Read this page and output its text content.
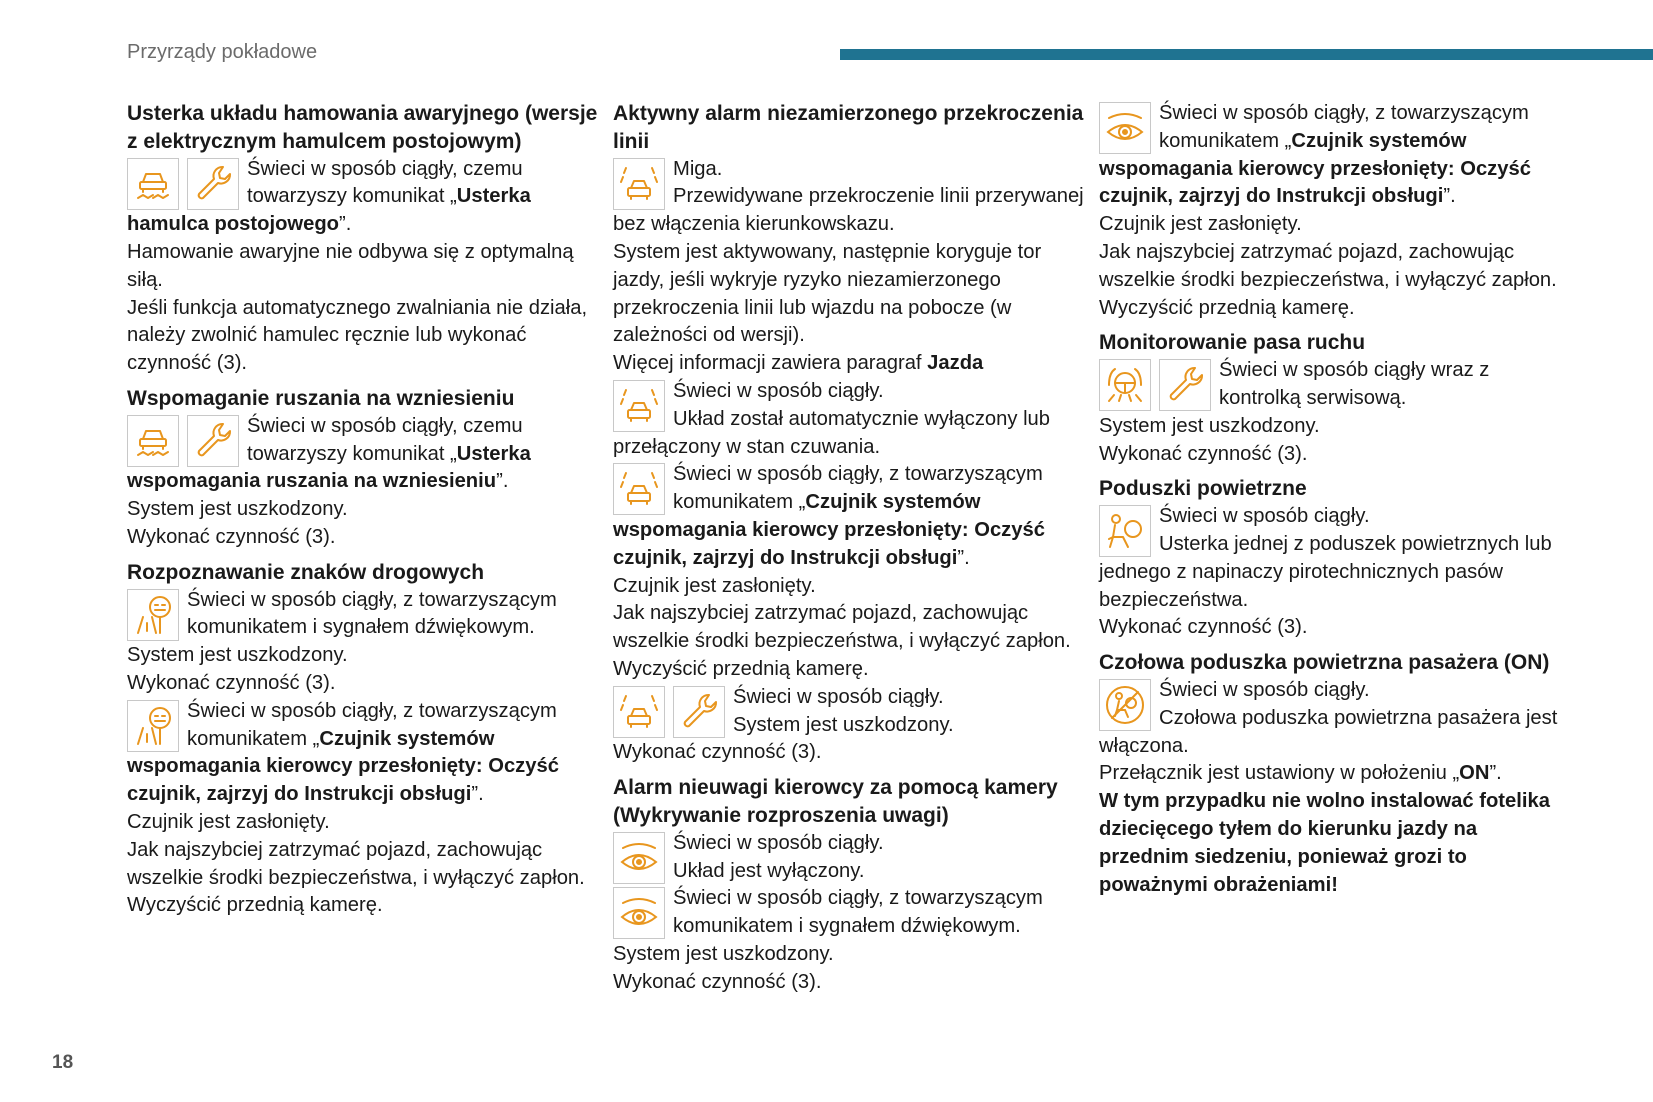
Przyrządy pokładowe
Usterka układu hamowania awaryjnego (wersje z elektrycznym hamulcem postojowym)

Świeci w sposób ciągły, czemu towarzyszy komunikat „Usterka hamulca postojowego”.

Hamowanie awaryjne nie odbywa się z optymalną siłą.

Jeśli funkcja automatycznego zwalniania nie działa, należy zwolnić hamulec ręcznie lub wykonać czynność (3).

Wspomaganie ruszania na wzniesieniu

Świeci w sposób ciągły, czemu towarzyszy komunikat „Usterka wspomagania ruszania na wzniesieniu”.

System jest uszkodzony.

Wykonać czynność (3).

Rozpoznawanie znaków drogowych

Świeci w sposób ciągły, z towarzyszącym komunikatem i sygnałem dźwiękowym.

System jest uszkodzony.

Wykonać czynność (3).

Świeci w sposób ciągły, z towarzyszącym komunikatem „Czujnik systemów wspomagania kierowcy przesłonięty: Oczyść czujnik, zajrzyj do Instrukcji obsługi”.

Czujnik jest zasłonięty.

Jak najszybciej zatrzymać pojazd, zachowując wszelkie środki bezpieczeństwa, i wyłączyć zapłon.

Wyczyścić przednią kamerę.

Aktywny alarm niezamierzonego przekroczenia linii

Miga.

Przewidywane przekroczenie linii przerywanej bez włączenia kierunkowskazu.

System jest aktywowany, następnie koryguje tor jazdy, jeśli wykryje ryzyko niezamierzonego przekroczenia linii lub wjazdu na pobocze (w zależności od wersji).

Więcej informacji zawiera paragraf Jazda

Świeci w sposób ciągły.

Układ został automatycznie wyłączony lub przełączony w stan czuwania.

Świeci w sposób ciągły, z towarzyszącym komunikatem „Czujnik systemów wspomagania kierowcy przesłonięty: Oczyść czujnik, zajrzyj do Instrukcji obsługi”.

Czujnik jest zasłonięty.

Jak najszybciej zatrzymać pojazd, zachowując wszelkie środki bezpieczeństwa, i wyłączyć zapłon.

Wyczyścić przednią kamerę.

Świeci w sposób ciągły.

System jest uszkodzony.

Wykonać czynność (3).

Alarm nieuwagi kierowcy za pomocą kamery (Wykrywanie rozproszenia uwagi)

Świeci w sposób ciągły.

Układ jest wyłączony.

Świeci w sposób ciągły, z towarzyszącym komunikatem i sygnałem dźwiękowym.

System jest uszkodzony.

Wykonać czynność (3).

Świeci w sposób ciągły, z towarzyszącym komunikatem „Czujnik systemów wspomagania kierowcy przesłonięty: Oczyść czujnik, zajrzyj do Instrukcji obsługi”.

Czujnik jest zasłonięty.

Jak najszybciej zatrzymać pojazd, zachowując wszelkie środki bezpieczeństwa, i wyłączyć zapłon.

Wyczyścić przednią kamerę.

Monitorowanie pasa ruchu

Świeci w sposób ciągły wraz z kontrolką serwisową.

System jest uszkodzony.

Wykonać czynność (3).

Poduszki powietrzne

Świeci w sposób ciągły.

Usterka jednej z poduszek powietrznych lub jednego z napinaczy pirotechnicznych pasów bezpieczeństwa.

Wykonać czynność (3).

Czołowa poduszka powietrzna pasażera (ON)

Świeci w sposób ciągły.

Czołowa poduszka powietrzna pasażera jest włączona.

Przełącznik jest ustawiony w położeniu „ON”.

W tym przypadku nie wolno instalować fotelika dziecięcego tyłem do kierunku jazdy na przednim siedzeniu, ponieważ grozi to poważnymi obrażeniami!

18
